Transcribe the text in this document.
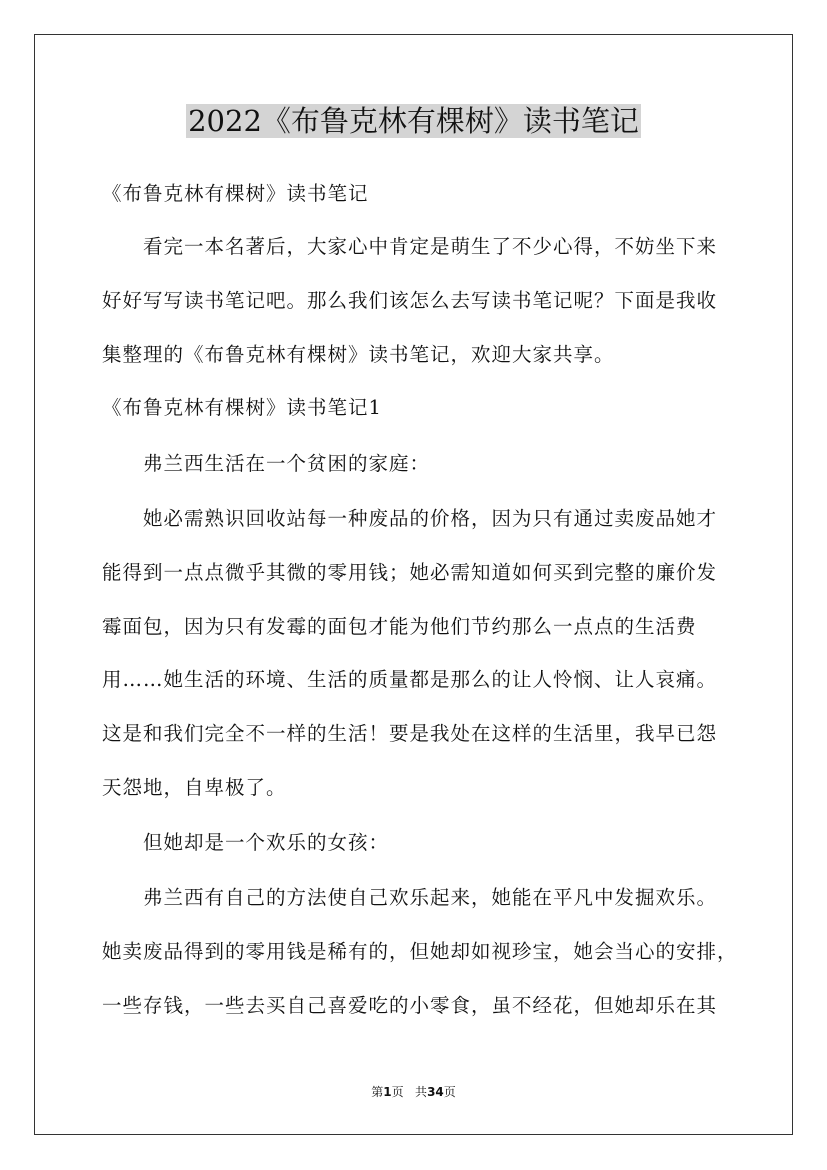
2022《布鲁克林有棵树》读书笔记
《布鲁克林有棵树》读书笔记
看完一本名著后，大家心中肯定是萌生了不少心得，不妨坐下来
好好写写读书笔记吧。那么我们该怎么去写读书笔记呢？下面是我收
集整理的《布鲁克林有棵树》读书笔记，欢迎大家共享。
《布鲁克林有棵树》读书笔记1
弗兰西生活在一个贫困的家庭：
她必需熟识回收站每一种废品的价格，因为只有通过卖废品她才
能得到一点点微乎其微的零用钱；她必需知道如何买到完整的廉价发
霉面包，因为只有发霉的面包才能为他们节约那么一点点的生活费
用……她生活的环境、生活的质量都是那么的让人怜悯、让人哀痛。
这是和我们完全不一样的生活！要是我处在这样的生活里，我早已怨
天怨地，自卑极了。
但她却是一个欢乐的女孩：
弗兰西有自己的方法使自己欢乐起来，她能在平凡中发掘欢乐。
她卖废品得到的零用钱是稀有的，但她却如视珍宝，她会当心的安排，
一些存钱，一些去买自己喜爱吃的小零食，虽不经花，但她却乐在其
第1页 共34页
